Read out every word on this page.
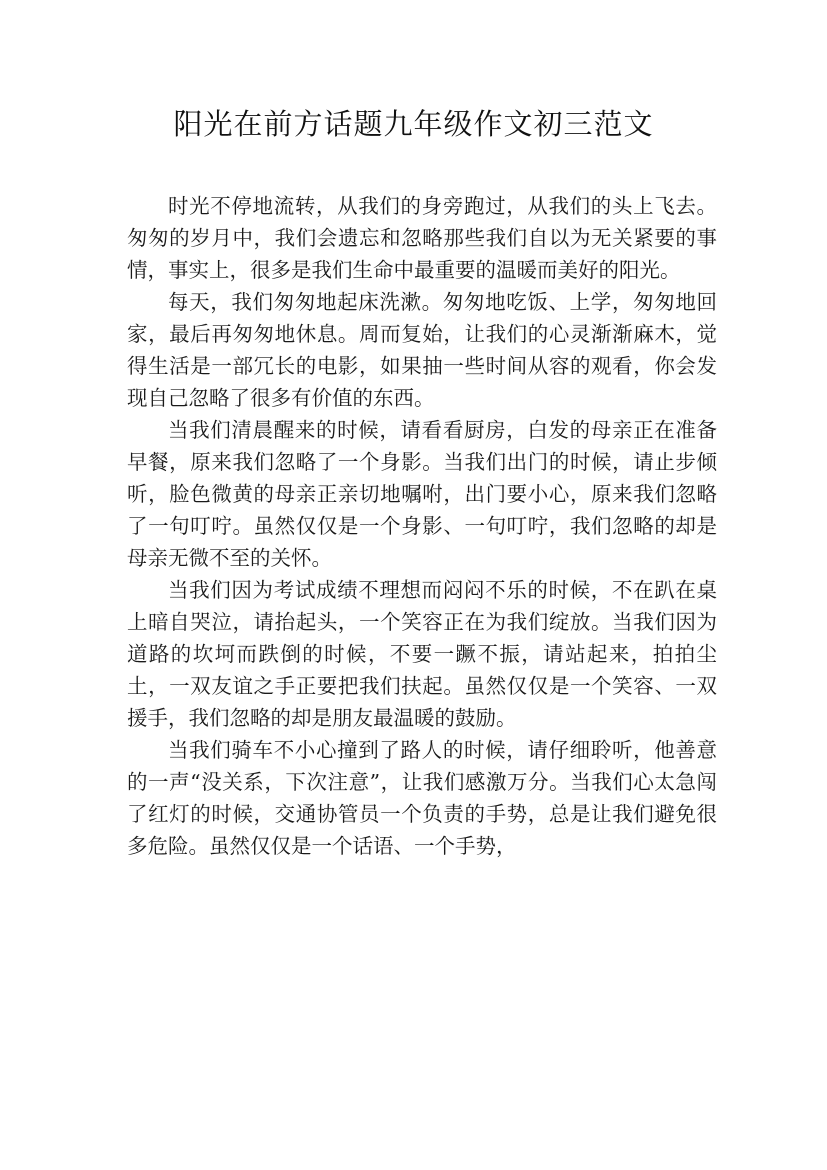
阳光在前方话题九年级作文初三范文

时光不停地流转，从我们的身旁跑过，从我们的头上飞去。匆匆的岁月中，我们会遗忘和忽略那些我们自以为无关紧要的事情，事实上，很多是我们生命中最重要的温暖而美好的阳光。

每天，我们匆匆地起床洗漱。匆匆地吃饭、上学，匆匆地回家，最后再匆匆地休息。周而复始，让我们的心灵渐渐麻木，觉得生活是一部冗长的电影，如果抽一些时间从容的观看，你会发现自己忽略了很多有价值的东西。

当我们清晨醒来的时候，请看看厨房，白发的母亲正在准备早餐，原来我们忽略了一个身影。当我们出门的时候，请止步倾听，脸色微黄的母亲正亲切地嘱咐，出门要小心，原来我们忽略了一句叮咛。虽然仅仅是一个身影、一句叮咛，我们忽略的却是母亲无微不至的关怀。

当我们因为考试成绩不理想而闷闷不乐的时候，不在趴在桌上暗自哭泣，请抬起头，一个笑容正在为我们绽放。当我们因为道路的坎坷而跌倒的时候，不要一蹶不振，请站起来，拍拍尘土，一双友谊之手正要把我们扶起。虽然仅仅是一个笑容、一双援手，我们忽略的却是朋友最温暖的鼓励。

当我们骑车不小心撞到了路人的时候，请仔细聆听，他善意的一声“没关系，下次注意”，让我们感激万分。当我们心太急闯了红灯的时候，交通协管员一个负责的手势，总是让我们避免很多危险。虽然仅仅是一个话语、一个手势，
